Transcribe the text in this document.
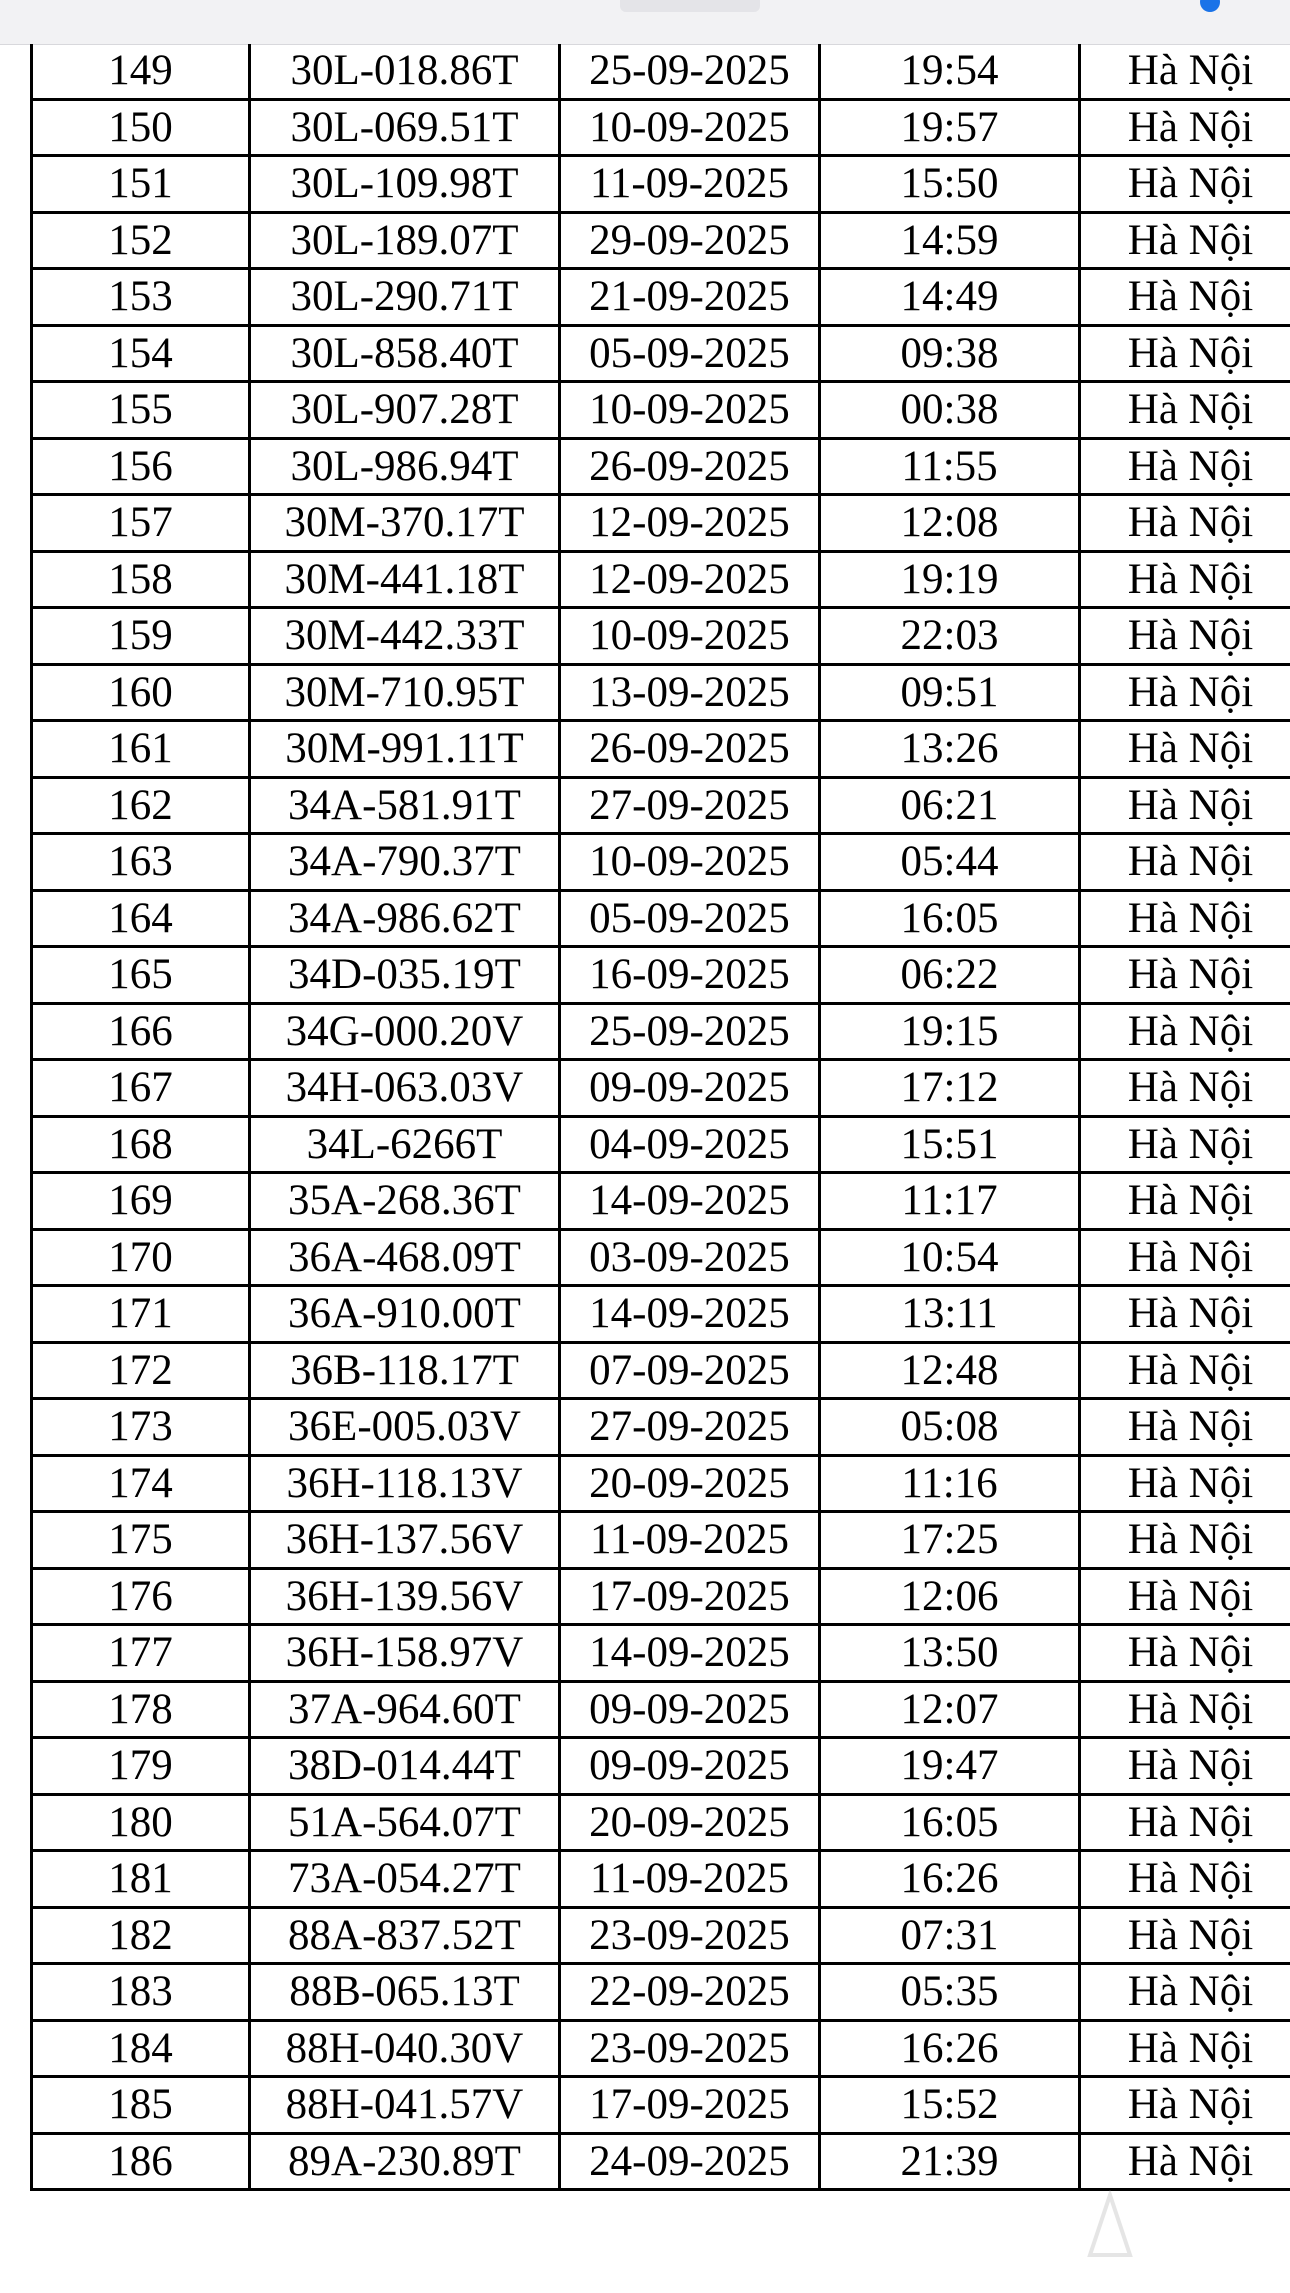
149	30L-018.86T	25-09-2025	19:54	Hà Nội
150	30L-069.51T	10-09-2025	19:57	Hà Nội
151	30L-109.98T	11-09-2025	15:50	Hà Nội
152	30L-189.07T	29-09-2025	14:59	Hà Nội
153	30L-290.71T	21-09-2025	14:49	Hà Nội
154	30L-858.40T	05-09-2025	09:38	Hà Nội
155	30L-907.28T	10-09-2025	00:38	Hà Nội
156	30L-986.94T	26-09-2025	11:55	Hà Nội
157	30M-370.17T	12-09-2025	12:08	Hà Nội
158	30M-441.18T	12-09-2025	19:19	Hà Nội
159	30M-442.33T	10-09-2025	22:03	Hà Nội
160	30M-710.95T	13-09-2025	09:51	Hà Nội
161	30M-991.11T	26-09-2025	13:26	Hà Nội
162	34A-581.91T	27-09-2025	06:21	Hà Nội
163	34A-790.37T	10-09-2025	05:44	Hà Nội
164	34A-986.62T	05-09-2025	16:05	Hà Nội
165	34D-035.19T	16-09-2025	06:22	Hà Nội
166	34G-000.20V	25-09-2025	19:15	Hà Nội
167	34H-063.03V	09-09-2025	17:12	Hà Nội
168	34L-6266T	04-09-2025	15:51	Hà Nội
169	35A-268.36T	14-09-2025	11:17	Hà Nội
170	36A-468.09T	03-09-2025	10:54	Hà Nội
171	36A-910.00T	14-09-2025	13:11	Hà Nội
172	36B-118.17T	07-09-2025	12:48	Hà Nội
173	36E-005.03V	27-09-2025	05:08	Hà Nội
174	36H-118.13V	20-09-2025	11:16	Hà Nội
175	36H-137.56V	11-09-2025	17:25	Hà Nội
176	36H-139.56V	17-09-2025	12:06	Hà Nội
177	36H-158.97V	14-09-2025	13:50	Hà Nội
178	37A-964.60T	09-09-2025	12:07	Hà Nội
179	38D-014.44T	09-09-2025	19:47	Hà Nội
180	51A-564.07T	20-09-2025	16:05	Hà Nội
181	73A-054.27T	11-09-2025	16:26	Hà Nội
182	88A-837.52T	23-09-2025	07:31	Hà Nội
183	88B-065.13T	22-09-2025	05:35	Hà Nội
184	88H-040.30V	23-09-2025	16:26	Hà Nội
185	88H-041.57V	17-09-2025	15:52	Hà Nội
186	89A-230.89T	24-09-2025	21:39	Hà Nội
